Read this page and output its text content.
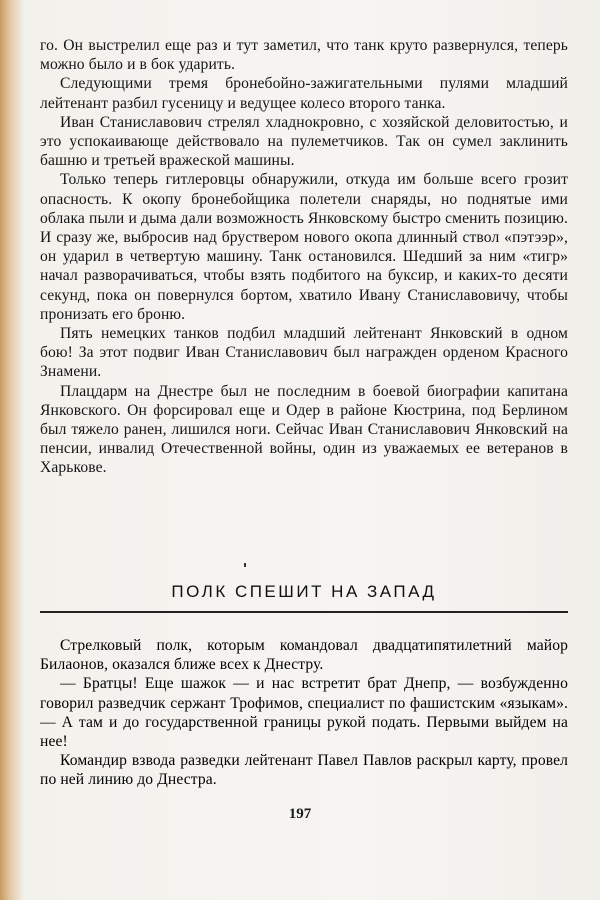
го. Он выстрелил еще раз и тут заметил, что танк круто развернулся, теперь можно было и в бок ударить.

Следующими тремя бронебойно-зажигательными пулями младший лейтенант разбил гусеницу и ведущее колесо второго танка.

Иван Станиславович стрелял хладнокровно, с хозяйской деловитостью, и это успокаивающе действовало на пулеметчиков. Так он сумел заклинить башню и третьей вражеской машины.

Только теперь гитлеровцы обнаружили, откуда им больше всего грозит опасность. К окопу бронебойщика полетели снаряды, но поднятые ими облака пыли и дыма дали возможность Янковскому быстро сменить позицию. И сразу же, выбросив над бруствером нового окопа длинный ствол «пэтээр», он ударил в четвертую машину. Танк остановился. Шедший за ним «тигр» начал разворачиваться, чтобы взять подбитого на буксир, и каких-то десяти секунд, пока он повернулся бортом, хватило Ивану Станиславовичу, чтобы пронизать его броню.

Пять немецких танков подбил младший лейтенант Янковский в одном бою! За этот подвиг Иван Станиславович был награжден орденом Красного Знамени.

Плацдарм на Днестре был не последним в боевой биографии капитана Янковского. Он форсировал еще и Одер в районе Кюстрина, под Берлином был тяжело ранен, лишился ноги. Сейчас Иван Станиславович Янковский на пенсии, инвалид Отечественной войны, один из уважаемых ее ветеранов в Харькове.

ПОЛК СПЕШИТ НА ЗАПАД

Стрелковый полк, которым командовал двадцатипятилетний майор Билаонов, оказался ближе всех к Днестру.

— Братцы! Еще шажок — и нас встретит брат Днепр, — возбужденно говорил разведчик сержант Трофимов, специалист по фашистским «языкам». — А там и до государственной границы рукой подать. Первыми выйдем на нее!

Командир взвода разведки лейтенант Павел Павлов раскрыл карту, провел по ней линию до Днестра.

197
